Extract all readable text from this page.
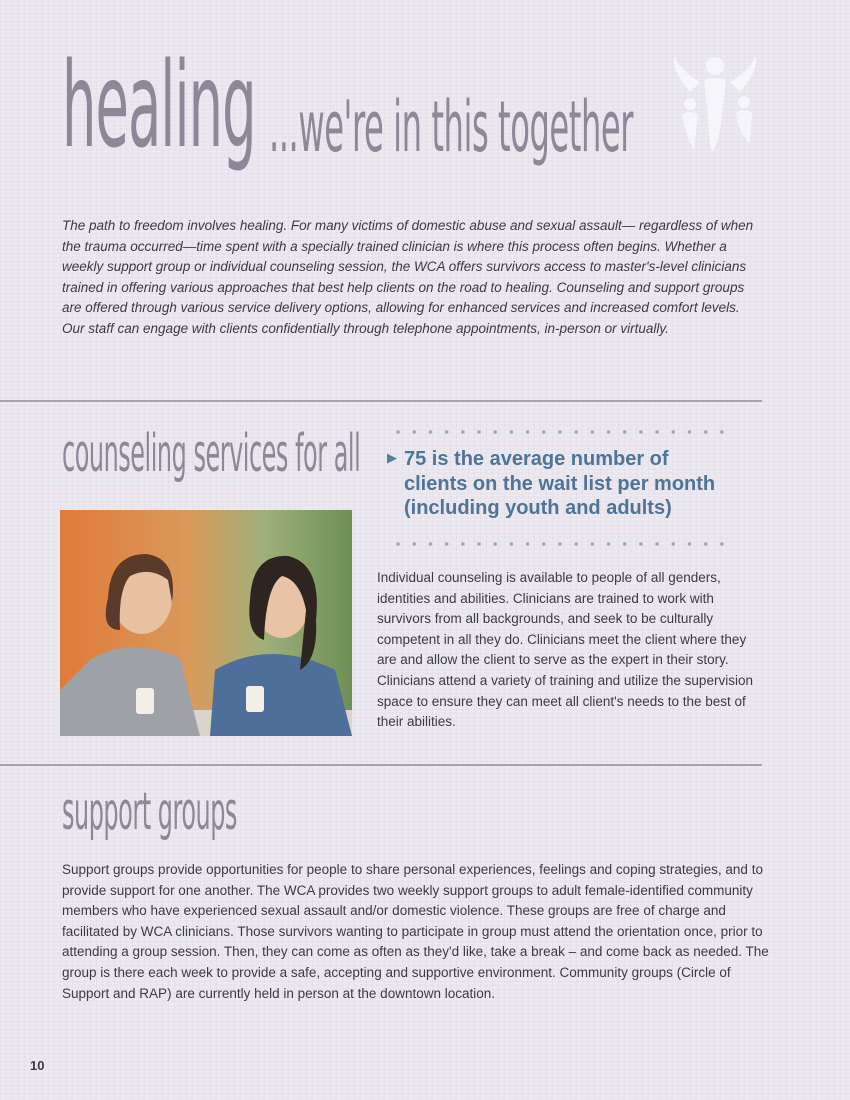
healing ...we're in this together

The path to freedom involves healing. For many victims of domestic abuse and sexual assault— regardless of when the trauma occurred—time spent with a specially trained clinician is where this process often begins. Whether a weekly support group or individual counseling session, the WCA offers survivors access to master's-level clinicians trained in offering various approaches that best help clients on the road to healing. Counseling and support groups are offered through various service delivery options, allowing for enhanced services and increased comfort levels. Our staff can engage with clients confidentially through telephone appointments, in-person or virtually.

counseling services for all ▶ 75 is the average number of clients on the wait list per month (including youth and adults)

Individual counseling is available to people of all genders, identities and abilities. Clinicians are trained to work with survivors from all backgrounds, and seek to be culturally competent in all they do. Clinicians meet the client where they are and allow the client to serve as the expert in their story. Clinicians attend a variety of training and utilize the supervision space to ensure they can meet all client's needs to the best of their abilities.

support groups

Support groups provide opportunities for people to share personal experiences, feelings and coping strategies, and to provide support for one another. The WCA provides two weekly support groups to adult female-identified community members who have experienced sexual assault and/or domestic violence. These groups are free of charge and facilitated by WCA clinicians. Those survivors wanting to participate in group must attend the orientation once, prior to attending a group session. Then, they can come as often as they'd like, take a break – and come back as needed. The group is there each week to provide a safe, accepting and supportive environment. Community groups (Circle of Support and RAP) are currently held in person at the downtown location.

10
